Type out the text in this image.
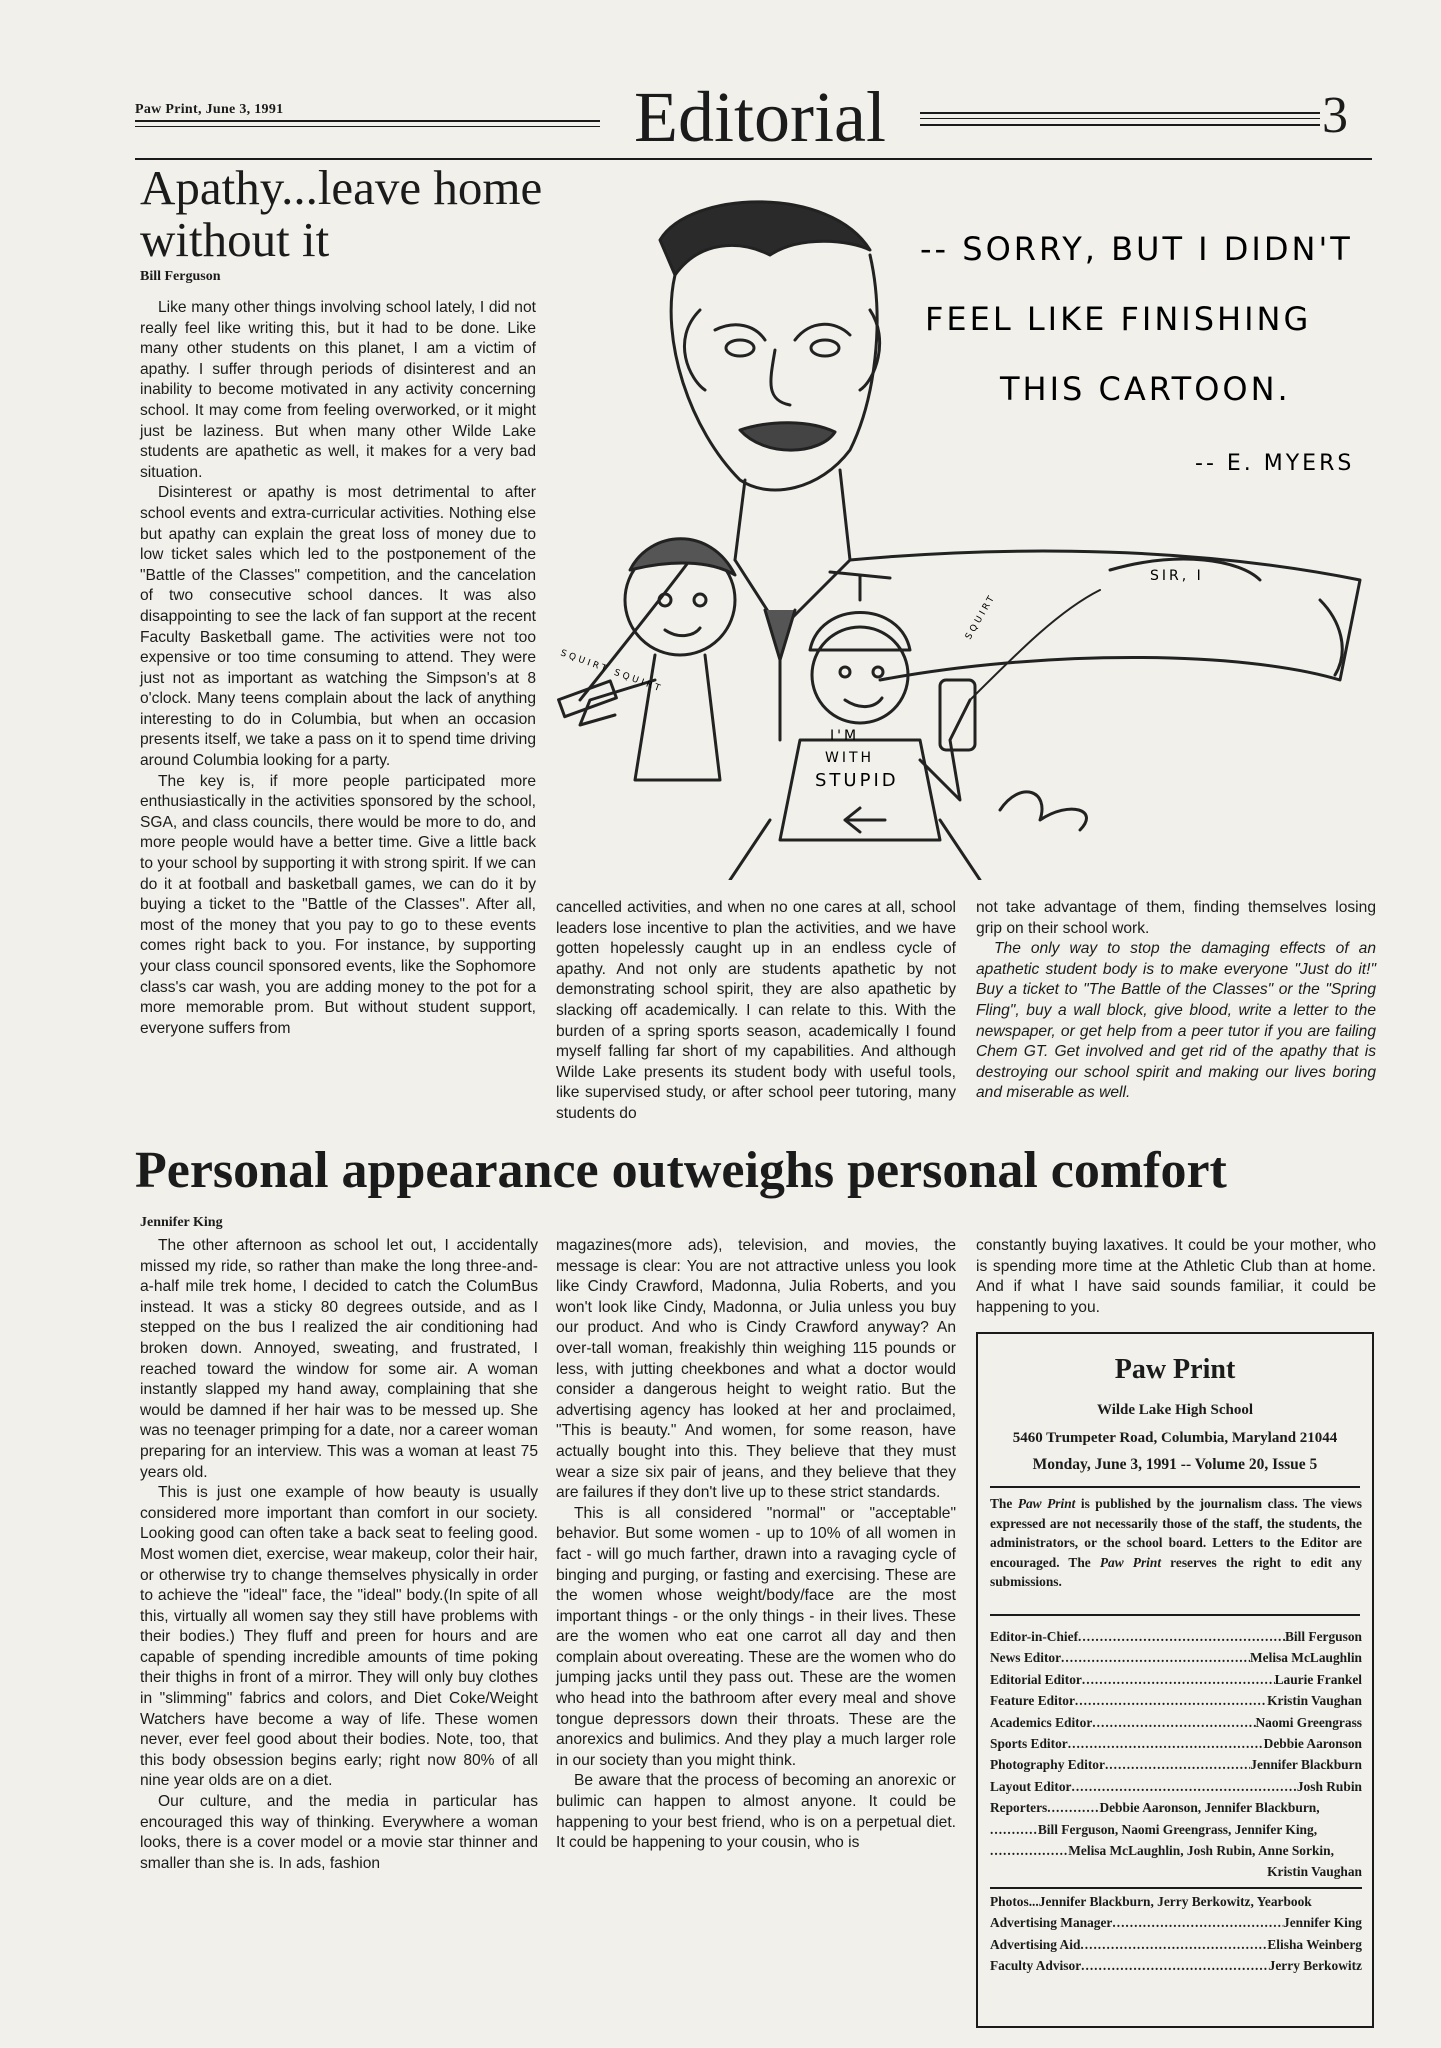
Paw Print, June 3, 1991	Editorial	3
Apathy...leave home without it
Bill Ferguson

Like many other things involving school lately, I did not really feel like writing this, but it had to be done. Like many other students on this planet, I am a victim of apathy. I suffer through periods of disinterest and an inability to become motivated in any activity concerning school. It may come from feeling overworked, or it might just be laziness. But when many other Wilde Lake students are apathetic as well, it makes for a very bad situation.

Disinterest or apathy is most detrimental to after school events and extra-curricular activities. Nothing else but apathy can explain the great loss of money due to low ticket sales which led to the postponement of the "Battle of the Classes" competition, and the cancelation of two consecutive school dances. It was also disappointing to see the lack of fan support at the recent Faculty Basketball game. The activities were not too expensive or too time consuming to attend. They were just not as important as watching the Simpson's at 8 o'clock. Many teens complain about the lack of anything interesting to do in Columbia, but when an occasion presents itself, we take a pass on it to spend time driving around Columbia looking for a party.

The key is, if more people participated more enthusiastically in the activities sponsored by the school, SGA, and class councils, there would be more to do, and more people would have a better time. Give a little back to your school by supporting it with strong spirit. If we can do it at football and basketball games, we can do it by buying a ticket to the "Battle of the Classes". After all, most of the money that you pay to go to these events comes right back to you. For instance, by supporting your class council sponsored events, like the Sophomore class's car wash, you are adding money to the pot for a more memorable prom. But without student support, everyone suffers from

cancelled activities, and when no one cares at all, school leaders lose incentive to plan the activities, and we have gotten hopelessly caught up in an endless cycle of apathy. And not only are students apathetic by not demonstrating school spirit, they are also apathetic by slacking off academically. I can relate to this. With the burden of a spring sports season, academically I found myself falling far short of my capabilities. And although Wilde Lake presents its student body with useful tools, like supervised study, or after school peer tutoring, many students do

not take advantage of them, finding themselves losing grip on their school work.

The only way to stop the damaging effects of an apathetic student body is to make everyone "Just do it!" Buy a ticket to "The Battle of the Classes" or the "Spring Fling", buy a wall block, give blood, write a letter to the newspaper, or get help from a peer tutor if you are failing Chem GT. Get involved and get rid of the apathy that is destroying our school spirit and making our lives boring and miserable as well.

-- SORRY, BUT I DIDN'T
FEEL LIKE FINISHING
THIS CARTOON.
-- E. MYERS
SIR, I
I'M
WITH
STUPID
SQUIRT SQUIRT
SQUIRT
Personal appearance outweighs personal comfort
Jennifer King

The other afternoon as school let out, I accidentally missed my ride, so rather than make the long three-and-a-half mile trek home, I decided to catch the ColumBus instead. It was a sticky 80 degrees outside, and as I stepped on the bus I realized the air conditioning had broken down. Annoyed, sweating, and frustrated, I reached toward the window for some air. A woman instantly slapped my hand away, complaining that she would be damned if her hair was to be messed up. She was no teenager primping for a date, nor a career woman preparing for an interview. This was a woman at least 75 years old.

This is just one example of how beauty is usually considered more important than comfort in our society. Looking good can often take a back seat to feeling good. Most women diet, exercise, wear makeup, color their hair, or otherwise try to change themselves physically in order to achieve the "ideal" face, the "ideal" body.(In spite of all this, virtually all women say they still have problems with their bodies.) They fluff and preen for hours and are capable of spending incredible amounts of time poking their thighs in front of a mirror. They will only buy clothes in "slimming" fabrics and colors, and Diet Coke/Weight Watchers have become a way of life. These women never, ever feel good about their bodies. Note, too, that this body obsession begins early; right now 80% of all nine year olds are on a diet.

Our culture, and the media in particular has encouraged this way of thinking. Everywhere a woman looks, there is a cover model or a movie star thinner and smaller than she is. In ads, fashion

magazines(more ads), television, and movies, the message is clear: You are not attractive unless you look like Cindy Crawford, Madonna, Julia Roberts, and you won't look like Cindy, Madonna, or Julia unless you buy our product. And who is Cindy Crawford anyway? An over-tall woman, freakishly thin weighing 115 pounds or less, with jutting cheekbones and what a doctor would consider a dangerous height to weight ratio. But the advertising agency has looked at her and proclaimed, "This is beauty." And women, for some reason, have actually bought into this. They believe that they must wear a size six pair of jeans, and they believe that they are failures if they don't live up to these strict standards.

This is all considered "normal" or "acceptable" behavior. But some women - up to 10% of all women in fact - will go much farther, drawn into a ravaging cycle of binging and purging, or fasting and exercising. These are the women whose weight/body/face are the most important things - or the only things - in their lives. These are the women who eat one carrot all day and then complain about overeating. These are the women who do jumping jacks until they pass out. These are the women who head into the bathroom after every meal and shove tongue depressors down their throats. These are the anorexics and bulimics. And they play a much larger role in our society than you might think.

Be aware that the process of becoming an anorexic or bulimic can happen to almost anyone. It could be happening to your best friend, who is on a perpetual diet. It could be happening to your cousin, who is

constantly buying laxatives. It could be your mother, who is spending more time at the Athletic Club than at home. And if what I have said sounds familiar, it could be happening to you.

Paw Print
Wilde Lake High School
5460 Trumpeter Road, Columbia, Maryland 21044
Monday, June 3, 1991 -- Volume 20, Issue 5
The Paw Print is published by the journalism class. The views expressed are not necessarily those of the staff, the students, the administrators, or the school board. Letters to the Editor are encouraged. The Paw Print reserves the right to edit any submissions.
Editor-in-Chief .....	Bill Ferguson
News Editor .....	Melisa McLaughlin
Editorial Editor .....	Laurie Frankel
Feature Editor .....	Kristin Vaughan
Academics Editor .....	Naomi Greengrass
Sports Editor .....	Debbie Aaronson
Photography Editor .....	Jennifer Blackburn
Layout Editor .....	Josh Rubin
Reporters ............ Debbie Aaronson, Jennifer Blackburn,
........... Bill Ferguson, Naomi Greengrass, Jennifer King,
.................. Melisa McLaughlin, Josh Rubin, Anne Sorkin,
Kristin Vaughan
Photos ... Jennifer Blackburn, Jerry Berkowitz, Yearbook
Advertising Manager .....	Jennifer King
Advertising Aid .....	Elisha Weinberg
Faculty Advisor .....	Jerry Berkowitz
